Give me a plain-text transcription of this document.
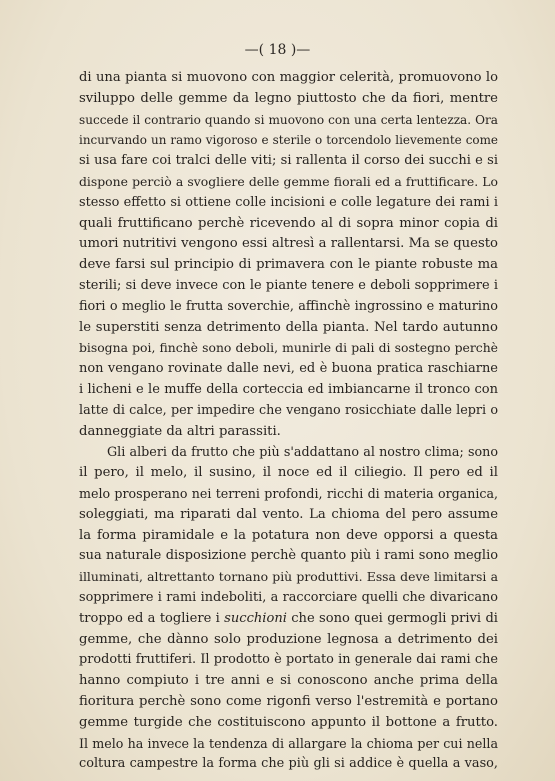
—( 18 )—
di una pianta si muovono con maggior celerità, promuovono lo
sviluppo delle gemme da legno piuttosto che da fiori, mentre
succede il contrario quando si muovono con una certa lentezza. Ora
incurvando un ramo vigoroso e sterile o torcendolo lievemente come
si usa fare coi tralci delle viti; si rallenta il corso dei succhi e si
dispone perciò a svogliere delle gemme fiorali ed a fruttificare. Lo
stesso effetto si ottiene colle incisioni e colle legature dei rami i
quali fruttificano perchè ricevendo al di sopra minor copia di
umori nutritivi vengono essi altresì a rallentarsi. Ma se questo
deve farsi sul principio di primavera con le piante robuste ma
sterili; si deve invece con le piante tenere e deboli sopprimere i
fiori o meglio le frutta soverchie, affinchè ingrossino e maturino
le superstiti senza detrimento della pianta. Nel tardo autunno
bisogna poi, finchè sono deboli, munirle di pali di sostegno perchè
non vengano rovinate dalle nevi, ed è buona pratica raschiarne
i licheni e le muffe della corteccia ed imbiancarne il tronco con
latte di calce, per impedire che vengano rosicchiate dalle lepri o
danneggiate da altri parassiti.
Gli alberi da frutto che più s'addattano al nostro clima; sono
il pero, il melo, il susino, il noce ed il ciliegio. Il pero ed il
melo prosperano nei terreni profondi, ricchi di materia organica,
soleggiati, ma riparati dal vento. La chioma del pero assume
la forma piramidale e la potatura non deve opporsi a questa
sua naturale disposizione perchè quanto più i rami sono meglio
illuminati, altrettanto tornano più produttivi. Essa deve limitarsi a
sopprimere i rami indeboliti, a raccorciare quelli che divaricano
troppo ed a togliere i succhioni che sono quei germogli privi di
gemme, che dànno solo produzione legnosa a detrimento dei
prodotti fruttiferi. Il prodotto è portato in generale dai rami che
hanno compiuto i tre anni e si conoscono anche prima della
fioritura perchè sono come rigonfi verso l'estremità e portano
gemme turgide che costituiscono appunto il bottone a frutto.
Il melo ha invece la tendenza di allargare la chioma per cui nella
coltura campestre la forma che più gli si addice è quella a vaso,
